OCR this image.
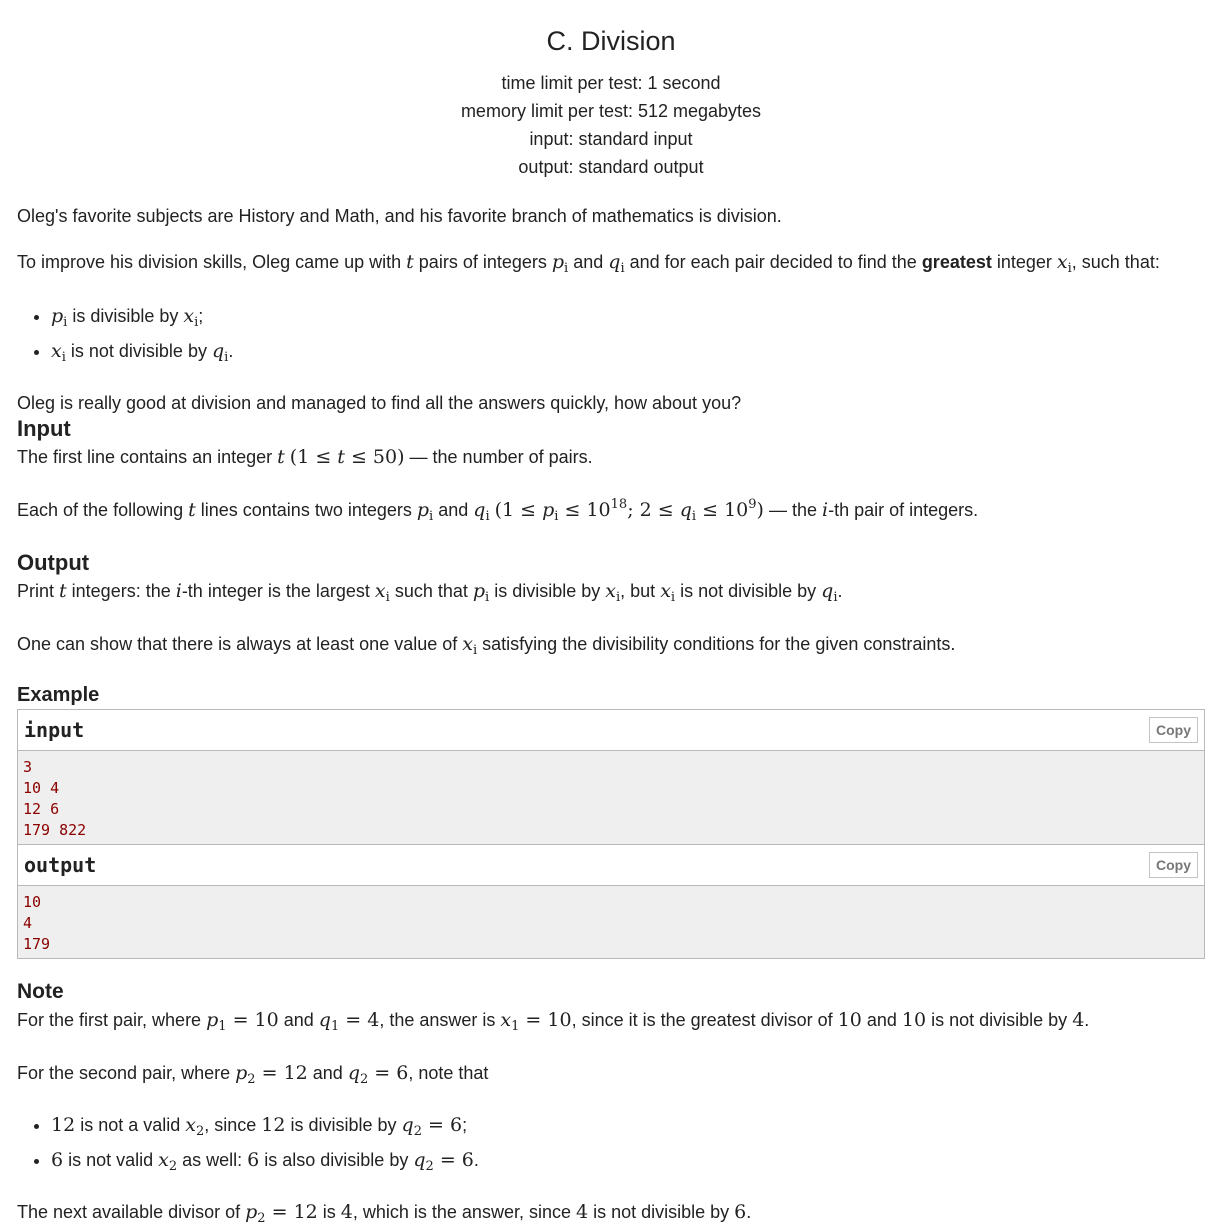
C. Division
time limit per test: 1 second
memory limit per test: 512 megabytes
input: standard input
output: standard output

Oleg's favorite subjects are History and Math, and his favorite branch of mathematics is division.

To improve his division skills, Oleg came up with t pairs of integers $p_i$ and $q_i$ and for each pair decided to find the greatest integer $x_i$, such that:

• $p_i$ is divisible by $x_i$;
• $x_i$ is not divisible by $q_i$.

Oleg is really good at division and managed to find all the answers quickly, how about you?

Input

The first line contains an integer t (1 ≤ t ≤ 50) — the number of pairs.

Each of the following t lines contains two integers $p_i$ and $q_i$ ($1 \le p_i \le 10^{18}$; $2 \le q_i \le 10^9$) — the i-th pair of integers.

Output

Print t integers: the i-th integer is the largest $x_i$ such that $p_i$ is divisible by $x_i$, but $x_i$ is not divisible by $q_i$.

One can show that there is always at least one value of $x_i$ satisfying the divisibility conditions for the given constraints.

Example
input	Copy
3
10 4
12 6
179 822
output	Copy
10
4
179
Note

For the first pair, where $p_1 = 10$ and $q_1 = 4$, the answer is $x_1 = 10$, since it is the greatest divisor of 10 and 10 is not divisible by 4.

For the second pair, where $p_2 = 12$ and $q_2 = 6$, note that

• 12 is not a valid $x_2$, since 12 is divisible by $q_2 = 6$;
• 6 is not valid $x_2$ as well: 6 is also divisible by $q_2 = 6$.

The next available divisor of $p_2 = 12$ is 4, which is the answer, since 4 is not divisible by 6.
